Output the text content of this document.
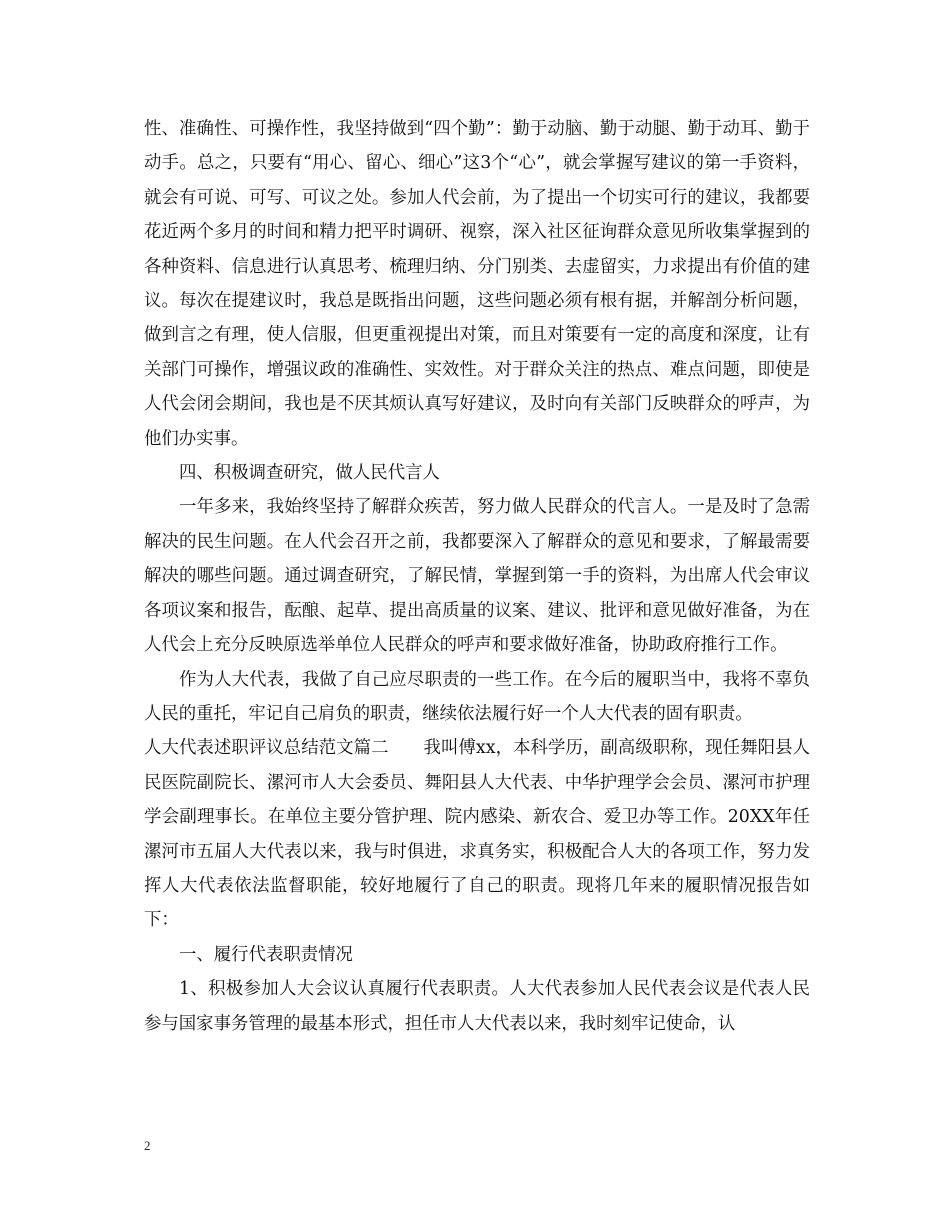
性、准确性、可操作性，我坚持做到“四个勤”：勤于动脑、勤于动腿、勤于动耳、勤于动手。总之，只要有“用心、留心、细心”这3个“心”，就会掌握写建议的第一手资料，就会有可说、可写、可议之处。参加人代会前，为了提出一个切实可行的建议，我都要花近两个多月的时间和精力把平时调研、视察，深入社区征询群众意见所收集掌握到的各种资料、信息进行认真思考、梳理归纳、分门别类、去虚留实，力求提出有价值的建议。每次在提建议时，我总是既指出问题，这些问题必须有根有据，并解剖分析问题，做到言之有理，使人信服，但更重视提出对策，而且对策要有一定的高度和深度，让有关部门可操作，增强议政的准确性、实效性。对于群众关注的热点、难点问题，即使是人代会闭会期间，我也是不厌其烦认真写好建议，及时向有关部门反映群众的呼声，为他们办实事。

四、积极调查研究，做人民代言人

一年多来，我始终坚持了解群众疾苦，努力做人民群众的代言人。一是及时了急需解决的民生问题。在人代会召开之前，我都要深入了解群众的意见和要求，了解最需要解决的哪些问题。通过调查研究，了解民情，掌握到第一手的资料，为出席人代会审议各项议案和报告，酝酿、起草、提出高质量的议案、建议、批评和意见做好准备，为在人代会上充分反映原选举单位人民群众的呼声和要求做好准备，协助政府推行工作。

作为人大代表，我做了自己应尽职责的一些工作。在今后的履职当中，我将不辜负人民的重托，牢记自己肩负的职责，继续依法履行好一个人大代表的固有职责。

人大代表述职评议总结范文篇二　　我叫傅xx，本科学历，副高级职称，现任舞阳县人民医院副院长、漯河市人大会委员、舞阳县人大代表、中华护理学会会员、漯河市护理学会副理事长。在单位主要分管护理、院内感染、新农合、爱卫办等工作。20XX年任漯河市五届人大代表以来，我与时俱进，求真务实，积极配合人大的各项工作，努力发挥人大代表依法监督职能，较好地履行了自己的职责。现将几年来的履职情况报告如下：

一、履行代表职责情况

1、积极参加人大会议认真履行代表职责。人大代表参加人民代表会议是代表人民参与国家事务管理的最基本形式，担任市人大代表以来，我时刻牢记使命，认

2
